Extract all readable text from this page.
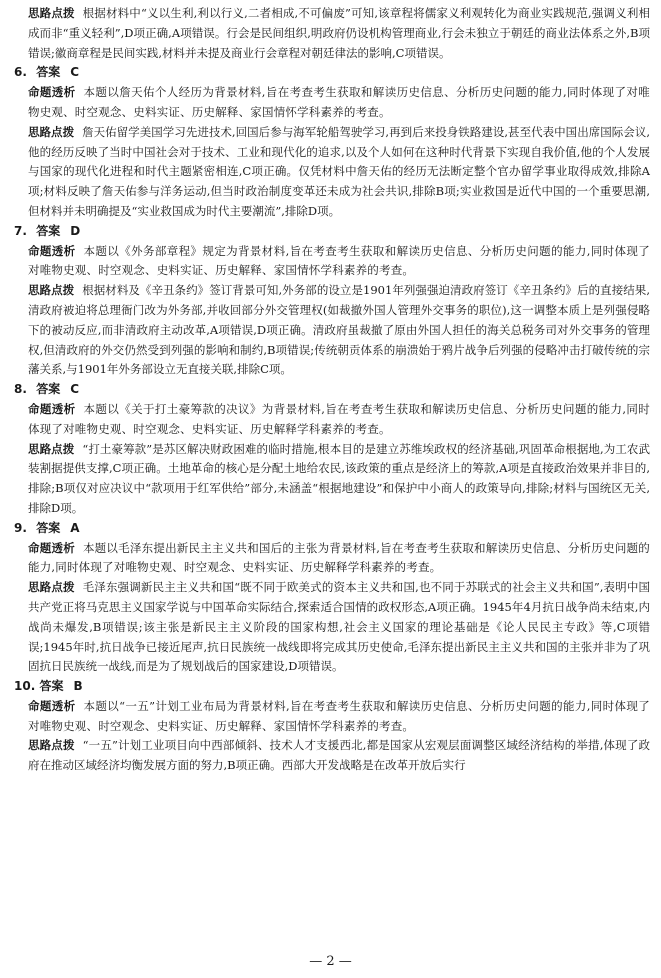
思路点拨 根据材料中“义以生利,利以行义,二者相成,不可偏废”可知,该章程将儒家义利观转化为商业实践规范,强调义利相成而非“重义轻利”,D项正确,A项错误。行会是民间组织,明政府仍设机构管理商业,行会未独立于朝廷的商业法体系之外,B项错误;徽商章程是民间实践,材料并未提及商业行会章程对朝廷律法的影响,C项错误。
6. 答案 C
命题透析 本题以詹天佑个人经历为背景材料,旨在考查考生获取和解读历史信息、分析历史问题的能力,同时体现了对唯物史观、时空观念、史料实证、历史解释、家国情怀学科素养的考查。
思路点拨 詹天佑留学美国学习先进技术,回国后参与海军轮船驾驶学习,再到后来投身铁路建设,甚至代表中国出席国际会议,他的经历反映了当时中国社会对于技术、工业和现代化的追求,以及个人如何在这种时代背景下实现自我价值,他的个人发展与国家的现代化进程和时代主题紧密相连,C项正确。仅凭材料中詹天佑的经历无法断定整个官办留学事业取得成效,排除A项;材料反映了詹天佑参与洋务运动,但当时政治制度变革还未成为社会共识,排除B项;实业救国是近代中国的一个重要思潮,但材料并未明确提及“实业救国成为时代主要潮流”,排除D项。
7. 答案 D
命题透析 本题以《外务部章程》规定为背景材料,旨在考查考生获取和解读历史信息、分析历史问题的能力,同时体现了对唯物史观、时空观念、史料实证、历史解释、家国情怀学科素养的考查。
思路点拨 根据材料及《辛丑条约》签订背景可知,外务部的设立是1901年列强强迫清政府签订《辛丑条约》后的直接结果,清政府被迫将总理衙门改为外务部,并收回部分外交管理权(如裁撤外国人管理外交事务的职位),这一调整本质上是列强侵略下的被动反应,而非清政府主动改革,A项错误,D项正确。清政府虽裁撤了原由外国人担任的海关总税务司对外交事务的管理权,但清政府的外交仍然受到列强的影响和制约,B项错误;传统朝贡体系的崩溃始于鸦片战争后列强的侵略冲击打破传统的宗藩关系,与1901年外务部设立无直接关联,排除C项。
8. 答案 C
命题透析 本题以《关于打土豪筹款的决议》为背景材料,旨在考查考生获取和解读历史信息、分析历史问题的能力,同时体现了对唯物史观、时空观念、史料实证、历史解释学科素养的考查。
思路点拨 “打土豪筹款”是苏区解决财政困难的临时措施,根本目的是建立苏维埃政权的经济基础,巩固革命根据地,为工农武装割据提供支撑,C项正确。土地革命的核心是分配土地给农民,该政策的重点是经济上的筹款,A项是直接政治效果并非目的,排除;B项仅对应决议中“款项用于红军供给”部分,未涵盖“根据地建设”和保护中小商人的政策导向,排除;材料与国统区无关,排除D项。
9. 答案 A
命题透析 本题以毛泽东提出新民主主义共和国后的主张为背景材料,旨在考查考生获取和解读历史信息、分析历史问题的能力,同时体现了对唯物史观、时空观念、史料实证、历史解释学科素养的考查。
思路点拨 毛泽东强调新民主主义共和国“既不同于欧美式的资本主义共和国,也不同于苏联式的社会主义共和国”,表明中国共产党正将马克思主义国家学说与中国革命实际结合,探索适合国情的政权形态,A项正确。1945年4月抗日战争尚未结束,内战尚未爆发,B项错误;该主张是新民主主义阶段的国家构想,社会主义国家的理论基础是《论人民民主专政》等,C项错误;1945年时,抗日战争已接近尾声,抗日民族统一战线即将完成其历史使命,毛泽东提出新民主主义共和国的主张并非为了巩固抗日民族统一战线,而是为了规划战后的国家建设,D项错误。
10. 答案 B
命题透析 本题以“一五”计划工业布局为背景材料,旨在考查考生获取和解读历史信息、分析历史问题的能力,同时体现了对唯物史观、时空观念、史料实证、历史解释、家国情怀学科素养的考查。
思路点拨 “一五”计划工业项目向中西部倾斜、技术人才支援西北,都是国家从宏观层面调整区域经济结构的举措,体现了政府在推动区域经济均衡发展方面的努力,B项正确。西部大开发战略是在改革开放后实行
— 2 —
